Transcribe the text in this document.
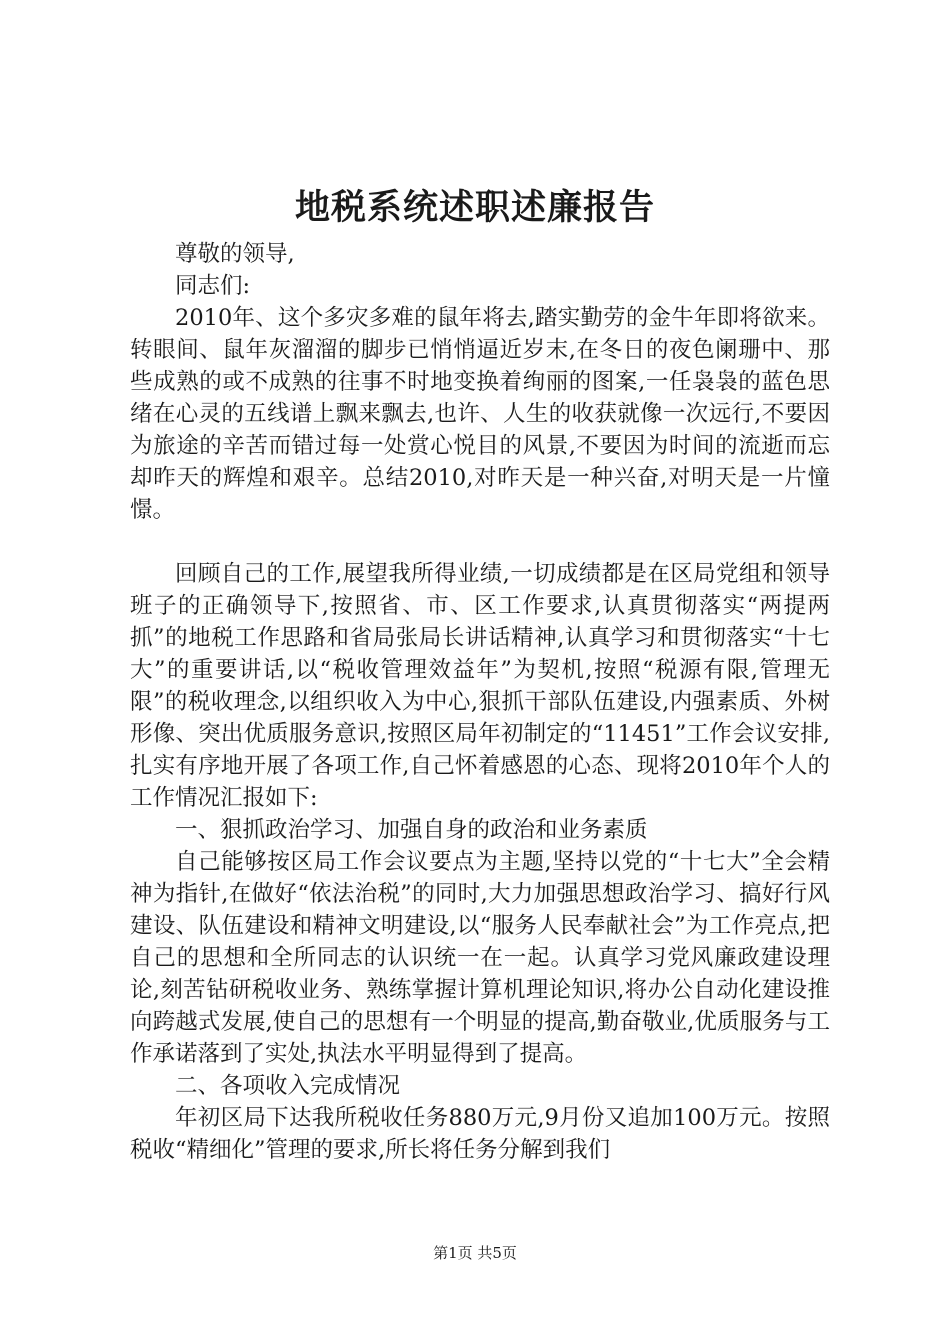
地税系统述职述廉报告

尊敬的领导,

同志们:

2010年、这个多灾多难的鼠年将去,踏实勤劳的金牛年即将欲来。转眼间、鼠年灰溜溜的脚步已悄悄逼近岁末,在冬日的夜色阑珊中、那些成熟的或不成熟的往事不时地变换着绚丽的图案,一任袅袅的蓝色思绪在心灵的五线谱上飘来飘去,也许、人生的收获就像一次远行,不要因为旅途的辛苦而错过每一处赏心悦目的风景,不要因为时间的流逝而忘却昨天的辉煌和艰辛。总结2010,对昨天是一种兴奋,对明天是一片憧憬。

回顾自己的工作,展望我所得业绩,一切成绩都是在区局党组和领导班子的正确领导下,按照省、市、区工作要求,认真贯彻落实“两提两抓”的地税工作思路和省局张局长讲话精神,认真学习和贯彻落实“十七大”的重要讲话,以“税收管理效益年”为契机,按照“税源有限,管理无限”的税收理念,以组织收入为中心,狠抓干部队伍建设,内强素质、外树形像、突出优质服务意识,按照区局年初制定的“11451”工作会议安排,扎实有序地开展了各项工作,自己怀着感恩的心态、现将2010年个人的工作情况汇报如下:

一、狠抓政治学习、加强自身的政治和业务素质

自己能够按区局工作会议要点为主题,坚持以党的“十七大”全会精神为指针,在做好“依法治税”的同时,大力加强思想政治学习、搞好行风建设、队伍建设和精神文明建设,以“服务人民奉献社会”为工作亮点,把自己的思想和全所同志的认识统一在一起。认真学习党风廉政建设理论,刻苦钻研税收业务、熟练掌握计算机理论知识,将办公自动化建设推向跨越式发展,使自己的思想有一个明显的提高,勤奋敬业,优质服务与工作承诺落到了实处,执法水平明显得到了提高。

二、各项收入完成情况

年初区局下达我所税收任务880万元,9月份又追加100万元。按照税收“精细化”管理的要求,所长将任务分解到我们

第1页 共5页
